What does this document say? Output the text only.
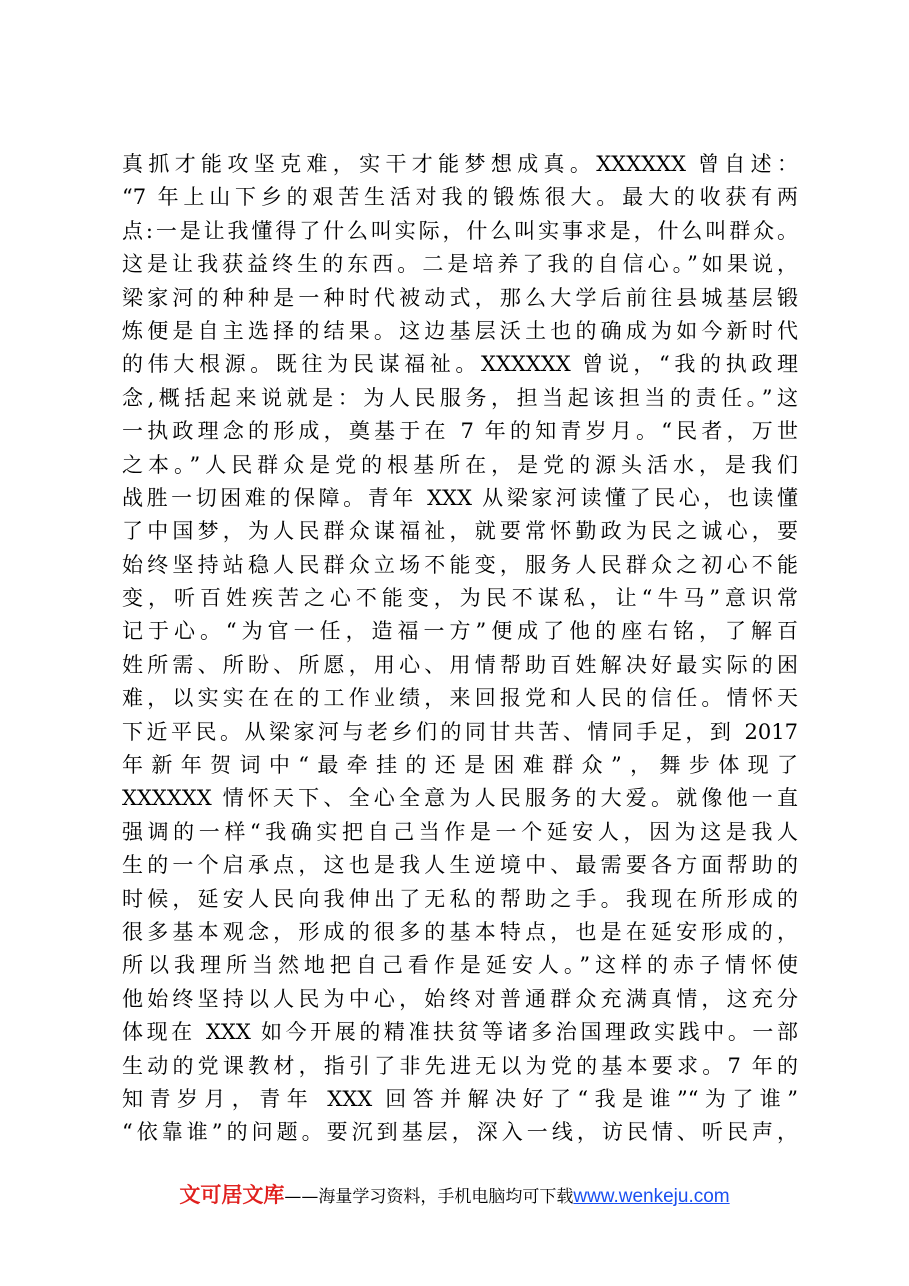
真抓才能攻坚克难，实干才能梦想成真。XXXXXX 曾自述：
“7 年上山下乡的艰苦生活对我的锻炼很大。最大的收获有两
点:一是让我懂得了什么叫实际，什么叫实事求是，什么叫群众。
这是让我获益终生的东西。二是培养了我的自信心。”如果说，
梁家河的种种是一种时代被动式，那么大学后前往县城基层锻
炼便是自主选择的结果。这边基层沃土也的确成为如今新时代
的伟大根源。既往为民谋福祉。XXXXXX 曾说，“我的执政理
念,概括起来说就是：为人民服务，担当起该担当的责任。”这
一执政理念的形成，奠基于在 7 年的知青岁月。“民者，万世
之本。”人民群众是党的根基所在，是党的源头活水，是我们
战胜一切困难的保障。青年 XXX 从梁家河读懂了民心，也读懂
了中国梦，为人民群众谋福祉，就要常怀勤政为民之诚心，要
始终坚持站稳人民群众立场不能变，服务人民群众之初心不能
变，听百姓疾苦之心不能变，为民不谋私，让“牛马”意识常
记于心。“为官一任，造福一方”便成了他的座右铭，了解百
姓所需、所盼、所愿，用心、用情帮助百姓解决好最实际的困
难，以实实在在的工作业绩，来回报党和人民的信任。情怀天
下近平民。从梁家河与老乡们的同甘共苦、情同手足，到 2017
年新年贺词中“最牵挂的还是困难群众”，舞步体现了
XXXXXX 情怀天下、全心全意为人民服务的大爱。就像他一直
强调的一样“我确实把自己当作是一个延安人，因为这是我人
生的一个启承点，这也是我人生逆境中、最需要各方面帮助的
时候，延安人民向我伸出了无私的帮助之手。我现在所形成的
很多基本观念，形成的很多的基本特点，也是在延安形成的，
所以我理所当然地把自己看作是延安人。”这样的赤子情怀使
他始终坚持以人民为中心，始终对普通群众充满真情，这充分
体现在 XXX 如今开展的精准扶贫等诸多治国理政实践中。一部
生动的党课教材，指引了非先进无以为党的基本要求。7 年的
知青岁月，青年 XXX 回答并解决好了“我是谁”“为了谁”
“依靠谁”的问题。要沉到基层，深入一线，访民情、听民声，
文可居文库——海量学习资料，手机电脑均可下载www.wenkeju.com
